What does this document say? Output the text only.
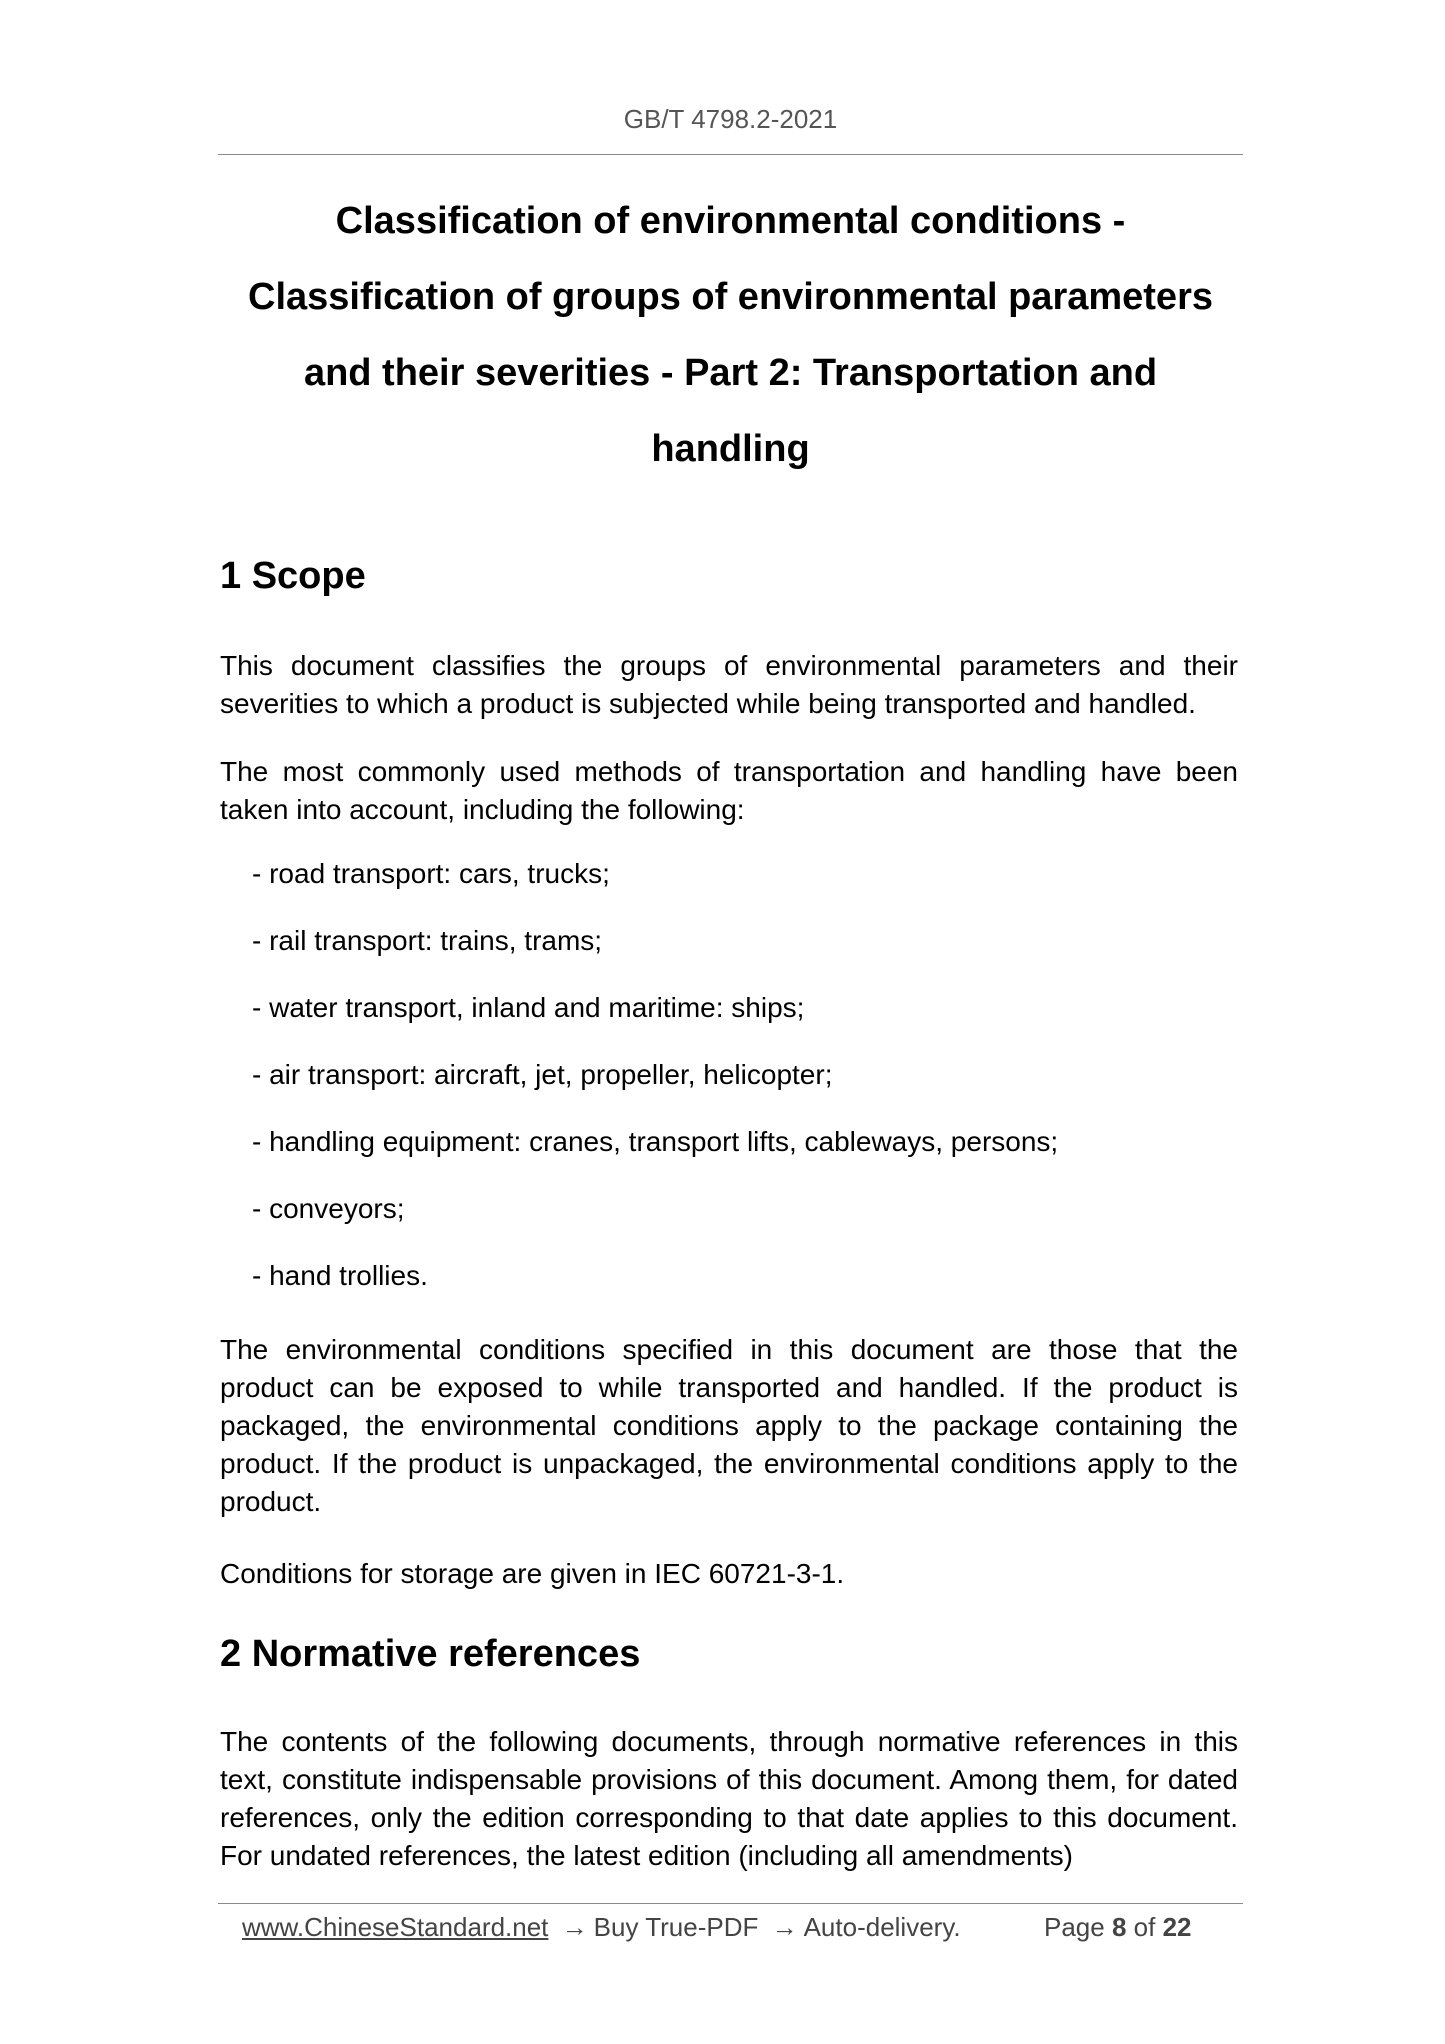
GB/T 4798.2-2021
Classification of environmental conditions -
Classification of groups of environmental parameters
and their severities - Part 2: Transportation and
handling
1 Scope

This document classifies the groups of environmental parameters and their severities to which a product is subjected while being transported and handled.

The most commonly used methods of transportation and handling have been taken into account, including the following:

- road transport: cars, trucks;
- rail transport: trains, trams;
- water transport, inland and maritime: ships;
- air transport: aircraft, jet, propeller, helicopter;
- handling equipment: cranes, transport lifts, cableways, persons;
- conveyors;
- hand trollies.

The environmental conditions specified in this document are those that the product can be exposed to while transported and handled. If the product is packaged, the environmental conditions apply to the package containing the product. If the product is unpackaged, the environmental conditions apply to the product.

Conditions for storage are given in IEC 60721-3-1.

2 Normative references

The contents of the following documents, through normative references in this text, constitute indispensable provisions of this document. Among them, for dated references, only the edition corresponding to that date applies to this document. For undated references, the latest edition (including all amendments)

www.ChineseStandard.net → Buy True-PDF → Auto-delivery.	Page 8 of 22
